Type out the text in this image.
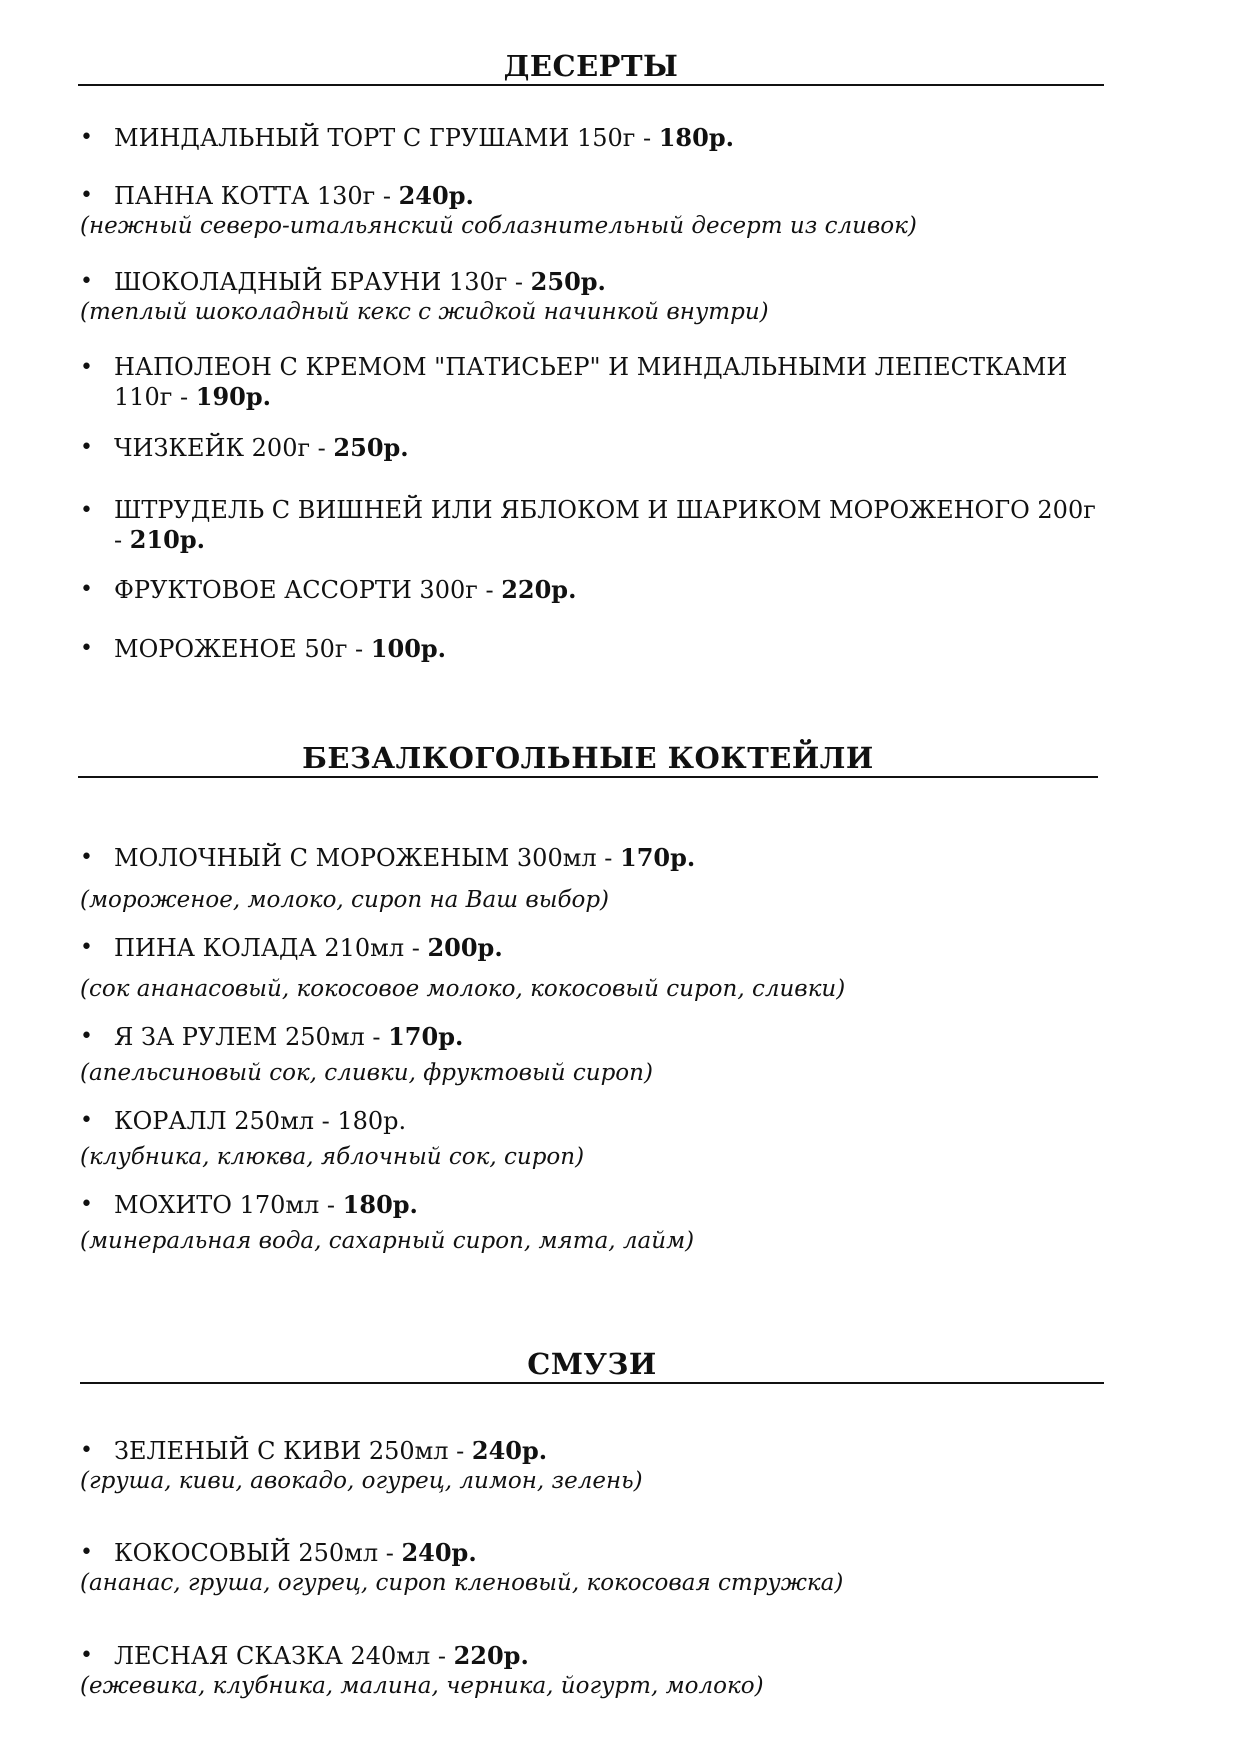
ДЕСЕРТЫ
• МИНДАЛЬНЫЙ ТОРТ С ГРУШАМИ 150г - 180р.
• ПАННА КОТТА 130г - 240р.
(нежный северо-итальянский соблазнительный десерт из сливок)
• ШОКОЛАДНЫЙ БРАУНИ 130г - 250р.
(теплый шоколадный кекс с жидкой начинкой внутри)
• НАПОЛЕОН С КРЕМОМ "ПАТИСЬЕР" И МИНДАЛЬНЫМИ ЛЕПЕСТКАМИ 110г - 190р.
• ЧИЗКЕЙК 200г - 250р.
• ШТРУДЕЛЬ С ВИШНЕЙ ИЛИ ЯБЛОКОМ И ШАРИКОМ МОРОЖЕНОГО 200г - 210р.
• ФРУКТОВОЕ АССОРТИ 300г - 220р.
• МОРОЖЕНОЕ 50г - 100р.
БЕЗАЛКОГОЛЬНЫЕ КОКТЕЙЛИ
• МОЛОЧНЫЙ С МОРОЖЕНЫМ 300мл - 170р.
(мороженое, молоко, сироп на Ваш выбор)
• ПИНА КОЛАДА 210мл - 200р.
(сок ананасовый, кокосовое молоко, кокосовый сироп, сливки)
• Я ЗА РУЛЕМ 250мл - 170р.
(апельсиновый сок, сливки, фруктовый сироп)
• КОРАЛЛ 250мл - 180р.
(клубника, клюква, яблочный сок, сироп)
• МОХИТО 170мл - 180р.
(минеральная вода, сахарный сироп, мята, лайм)
СМУЗИ
• ЗЕЛЕНЫЙ С КИВИ 250мл - 240р.
(груша, киви, авокадо, огурец, лимон, зелень)
• КОКОСОВЫЙ 250мл - 240р.
(ананас, груша, огурец, сироп кленовый, кокосовая стружка)
• ЛЕСНАЯ СКАЗКА 240мл - 220р.
(ежевика, клубника, малина, черника, йогурт, молоко)
